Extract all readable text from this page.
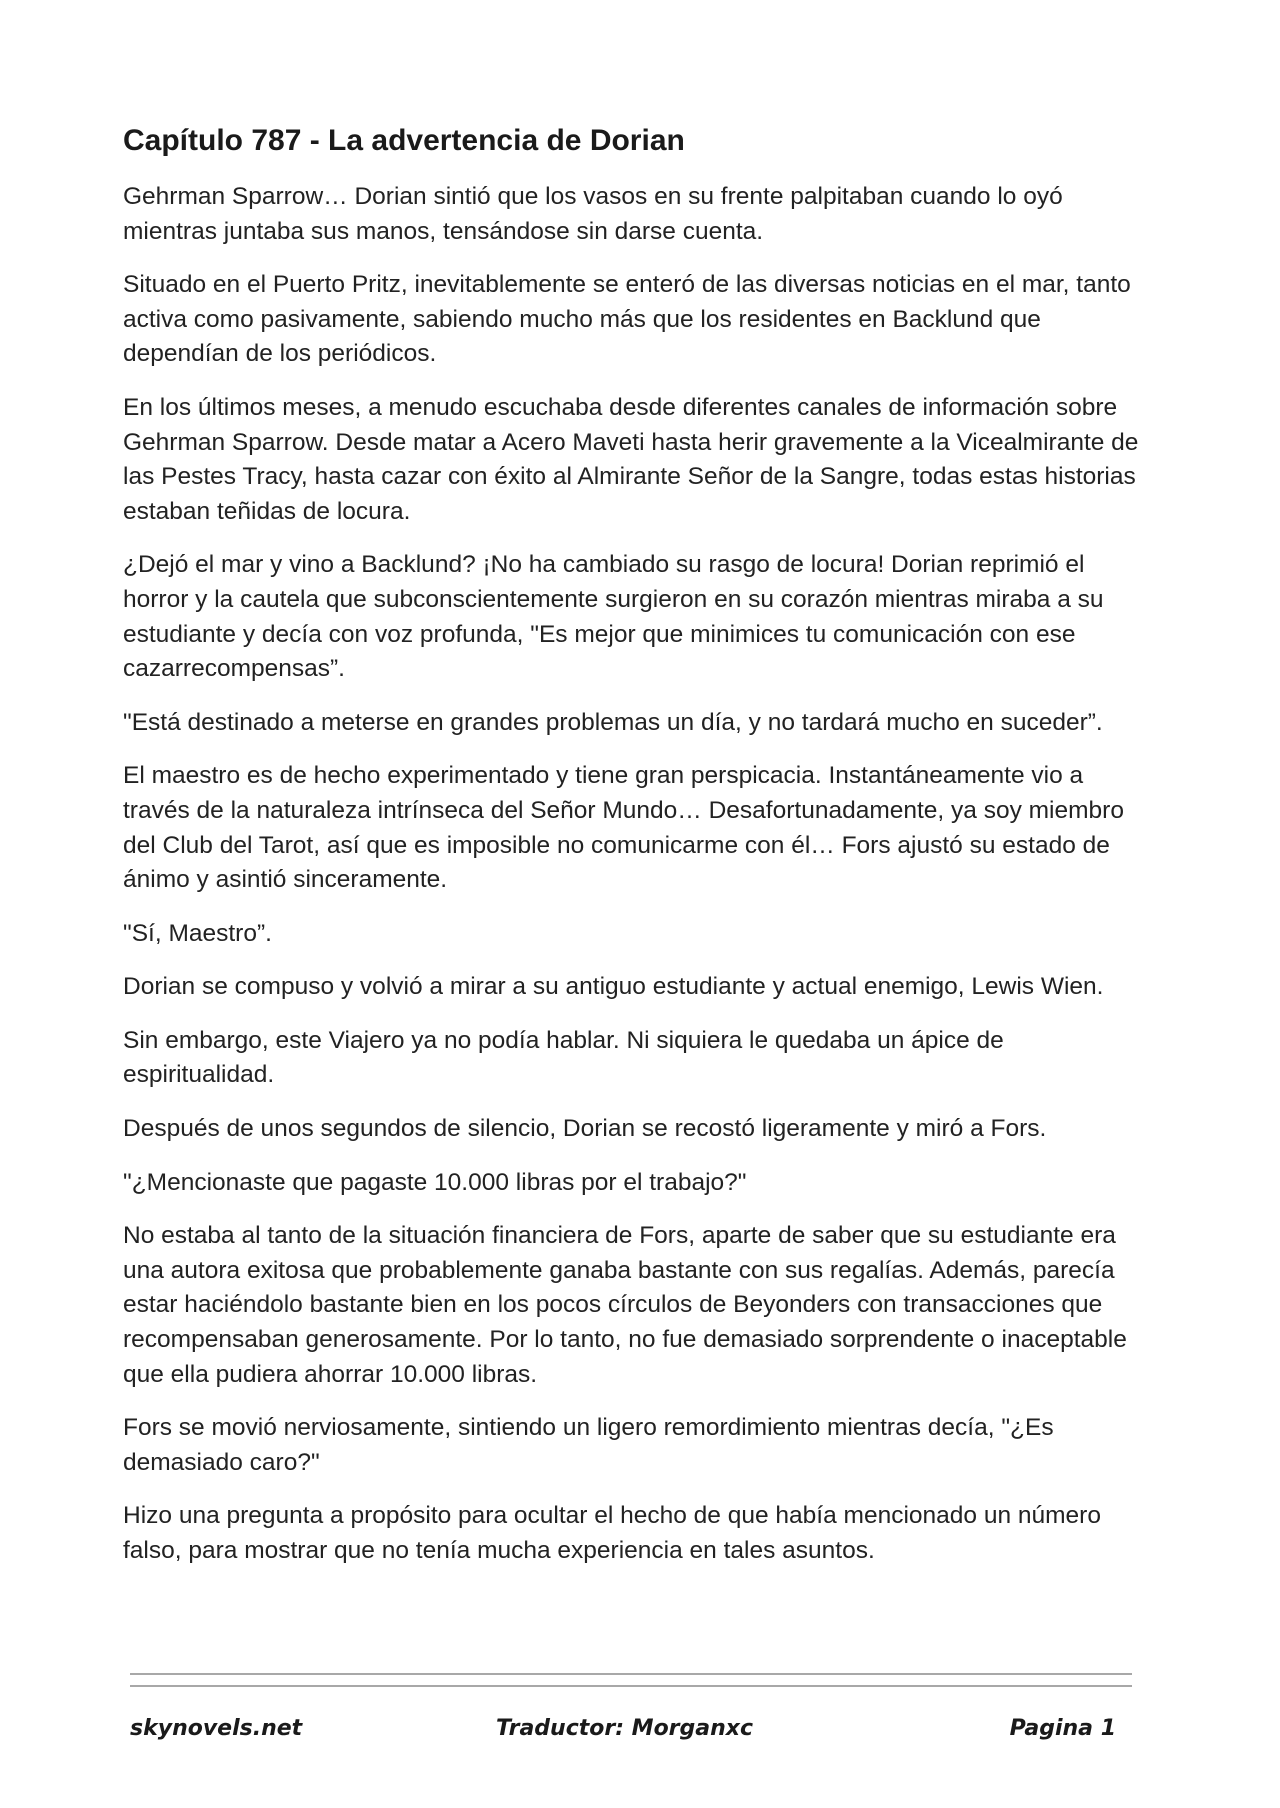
Capítulo 787 - La advertencia de Dorian

Gehrman Sparrow… Dorian sintió que los vasos en su frente palpitaban cuando lo oyó mientras juntaba sus manos, tensándose sin darse cuenta.

Situado en el Puerto Pritz, inevitablemente se enteró de las diversas noticias en el mar, tanto activa como pasivamente, sabiendo mucho más que los residentes en Backlund que dependían de los periódicos.

En los últimos meses, a menudo escuchaba desde diferentes canales de información sobre Gehrman Sparrow. Desde matar a Acero Maveti hasta herir gravemente a la Vicealmirante de las Pestes Tracy, hasta cazar con éxito al Almirante Señor de la Sangre, todas estas historias estaban teñidas de locura.

¿Dejó el mar y vino a Backlund? ¡No ha cambiado su rasgo de locura! Dorian reprimió el horror y la cautela que subconscientemente surgieron en su corazón mientras miraba a su estudiante y decía con voz profunda, "Es mejor que minimices tu comunicación con ese cazarrecompensas”.

"Está destinado a meterse en grandes problemas un día, y no tardará mucho en suceder”.

El maestro es de hecho experimentado y tiene gran perspicacia. Instantáneamente vio a través de la naturaleza intrínseca del Señor Mundo… Desafortunadamente, ya soy miembro del Club del Tarot, así que es imposible no comunicarme con él… Fors ajustó su estado de ánimo y asintió sinceramente.

"Sí, Maestro”.

Dorian se compuso y volvió a mirar a su antiguo estudiante y actual enemigo, Lewis Wien.

Sin embargo, este Viajero ya no podía hablar. Ni siquiera le quedaba un ápice de espiritualidad.

Después de unos segundos de silencio, Dorian se recostó ligeramente y miró a Fors.

"¿Mencionaste que pagaste 10.000 libras por el trabajo?"

No estaba al tanto de la situación financiera de Fors, aparte de saber que su estudiante era una autora exitosa que probablemente ganaba bastante con sus regalías. Además, parecía estar haciéndolo bastante bien en los pocos círculos de Beyonders con transacciones que recompensaban generosamente. Por lo tanto, no fue demasiado sorprendente o inaceptable que ella pudiera ahorrar 10.000 libras.

Fors se movió nerviosamente, sintiendo un ligero remordimiento mientras decía, "¿Es demasiado caro?"

Hizo una pregunta a propósito para ocultar el hecho de que había mencionado un número falso, para mostrar que no tenía mucha experiencia en tales asuntos.

skynovels.net	Traductor: Morganxc	Pagina 1
